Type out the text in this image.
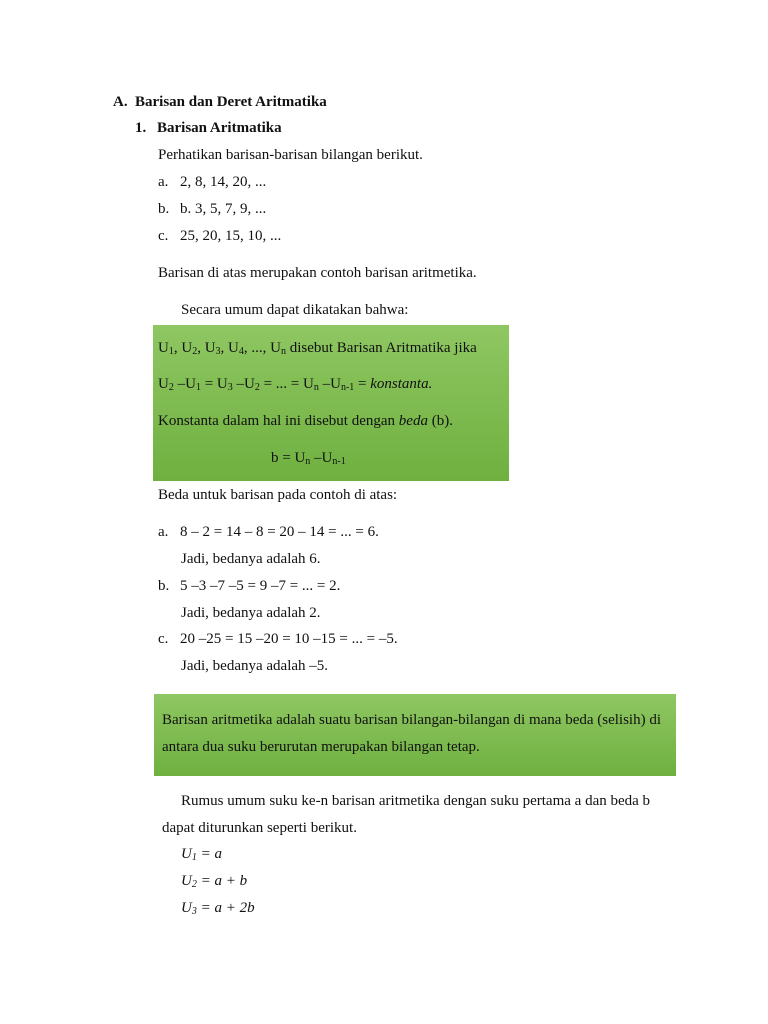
A. Barisan dan Deret Aritmatika
1. Barisan Aritmatika
Perhatikan barisan-barisan bilangan berikut.
a. 2, 8, 14, 20, ...
b. b. 3, 5, 7, 9, ...
c. 25, 20, 15, 10, ...
Barisan di atas merupakan contoh barisan aritmetika.
Secara umum dapat dikatakan bahwa:
$U_1$, $U_2$, $U_3$, $U_4$, ..., $U_n$ disebut Barisan Aritmatika jika
$U_2$ $-U_1 = U_3$ $-U_2$ = ... = $U_n$ $-U_{n-1}$ = konstanta.
Konstanta dalam hal ini disebut dengan beda (b).
$b = U_n$ $-U_{n-1}$
Beda untuk barisan pada contoh di atas:
a. 8 – 2 = 14 – 8 = 20 – 14 = ... = 6.
Jadi, bedanya adalah 6.
b. 5 –3 –7 –5 = 9 –7 = ... = 2.
Jadi, bedanya adalah 2.
c. 20 –25 = 15 –20 = 10 –15 = ... = –5.
Jadi, bedanya adalah –5.
Barisan aritmetika adalah suatu barisan bilangan-bilangan di mana beda (selisih) di
antara dua suku berurutan merupakan bilangan tetap.
Rumus umum suku ke-n barisan aritmetika dengan suku pertama a dan beda b
dapat diturunkan seperti berikut.
$U_1 = a$
$U_2 = a + b$
$U_3 = a + 2b$
